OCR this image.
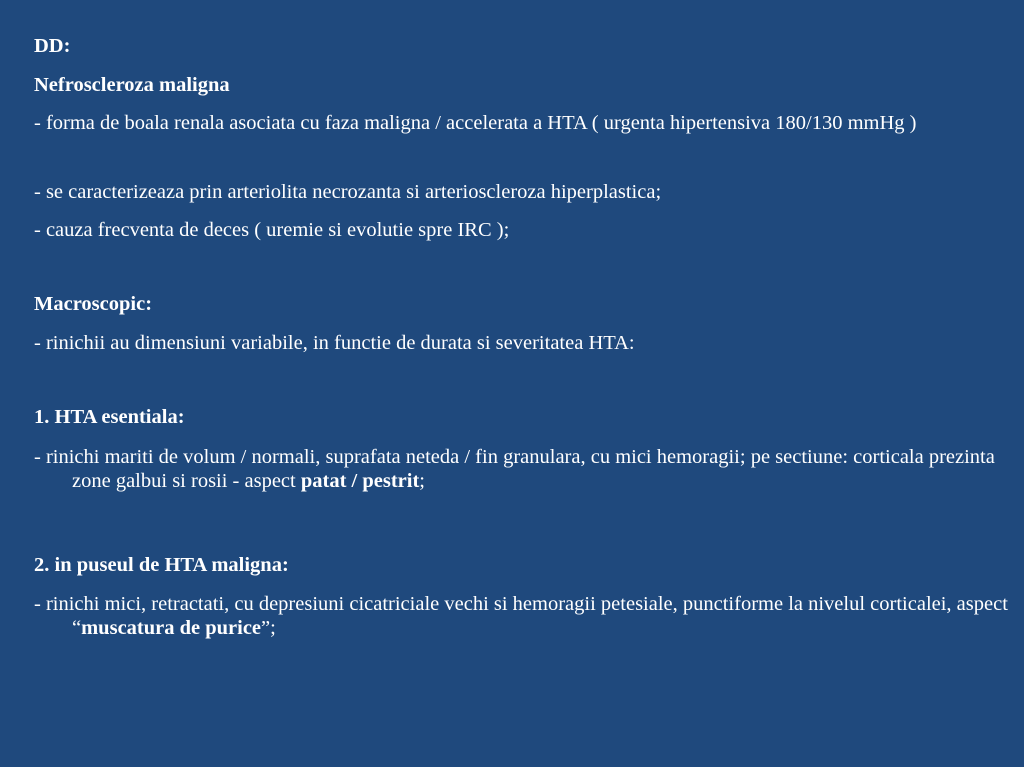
DD:

Nefroscleroza maligna

- forma de boala renala asociata cu faza maligna / accelerata a HTA ( urgenta hipertensiva 180/130 mmHg )

- se caracterizeaza prin arteriolita necrozanta si arterioscleroza hiperplastica;

- cauza frecventa de deces ( uremie si evolutie spre IRC );

Macroscopic:

- rinichii au dimensiuni variabile, in functie de durata si severitatea HTA:

1. HTA esentiala:

- rinichi mariti de volum / normali, suprafata neteda / fin granulara, cu mici hemoragii; pe sectiune: corticala prezinta zone galbui si rosii - aspect patat / pestrit;

2. in puseul de HTA maligna:

- rinichi mici, retractati, cu depresiuni cicatriciale vechi si hemoragii petesiale, punctiforme la nivelul corticalei, aspect “muscatura de purice”;
